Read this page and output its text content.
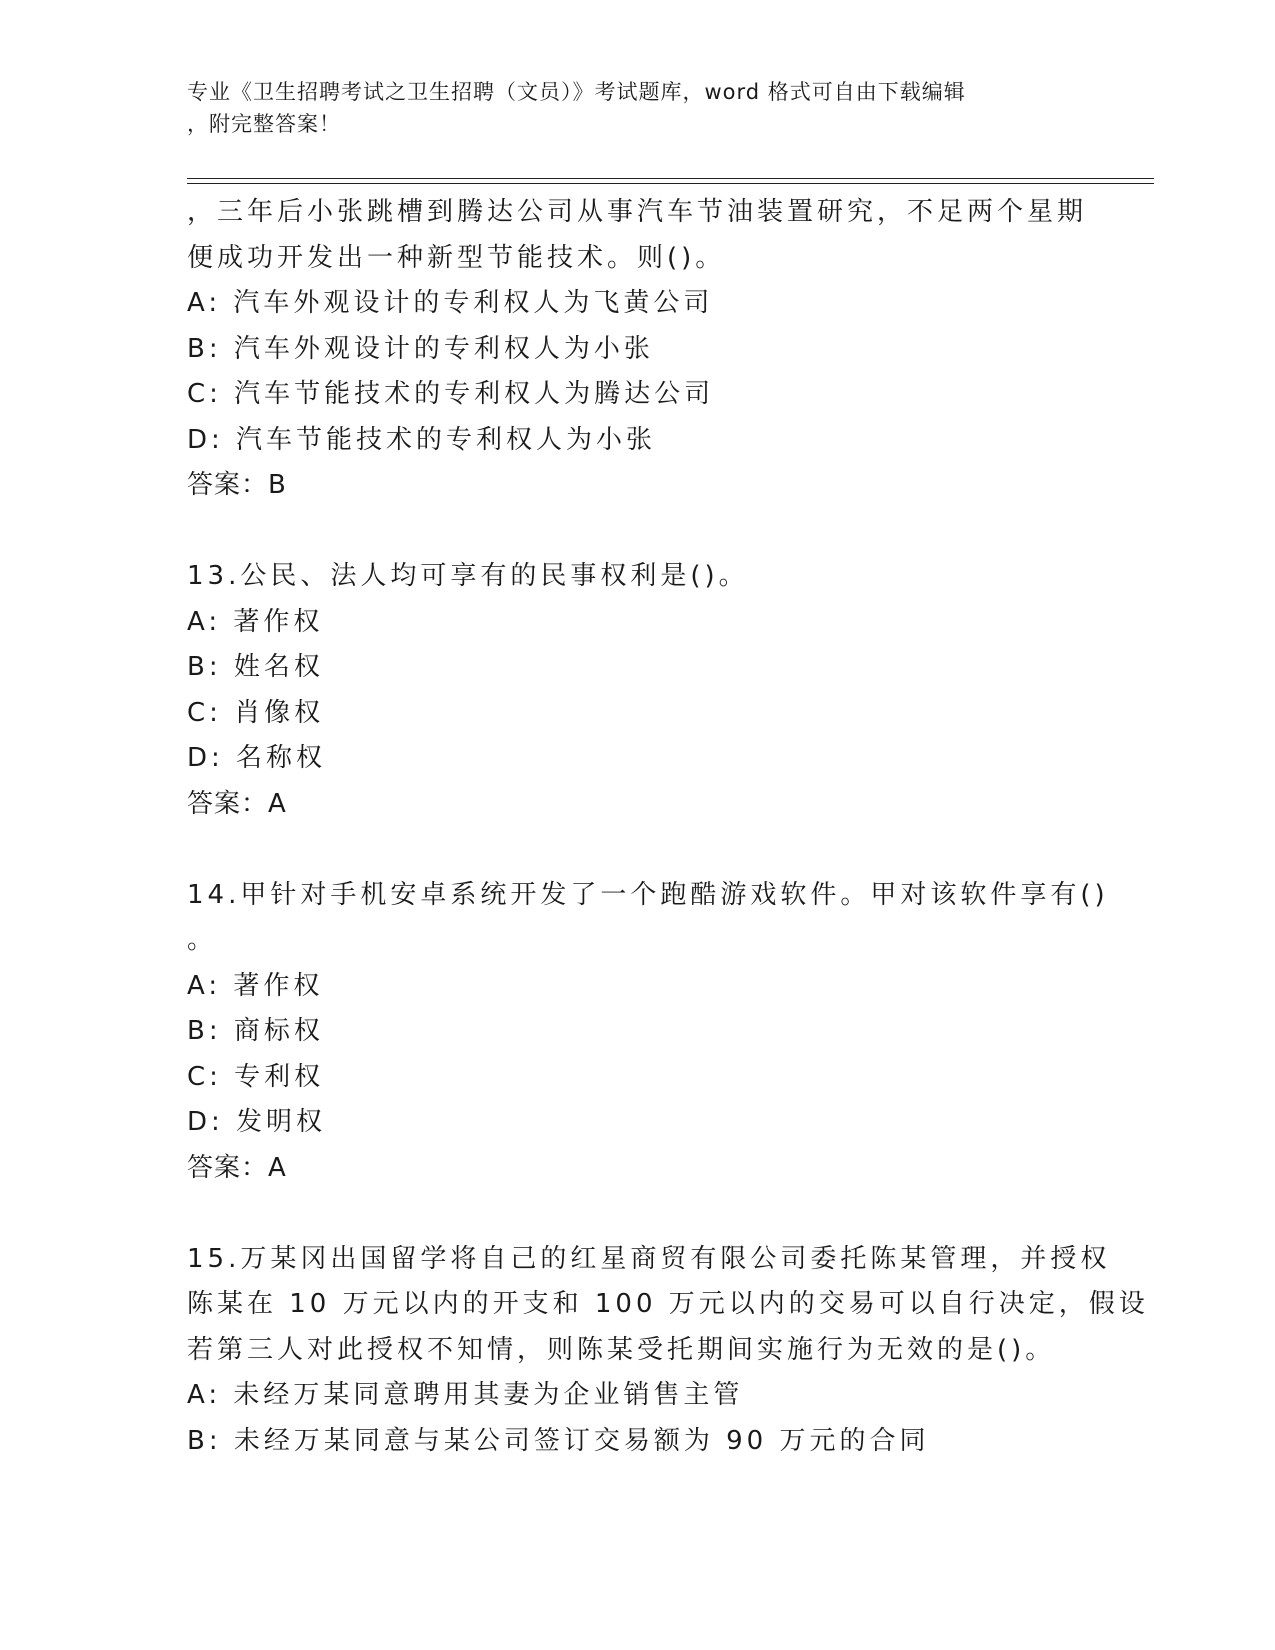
专业《卫生招聘考试之卫生招聘（文员）》考试题库，word 格式可自由下载编辑
，附完整答案！
，三年后小张跳槽到腾达公司从事汽车节油装置研究，不足两个星期
便成功开发出一种新型节能技术。则()。
A: 汽车外观设计的专利权人为飞黄公司
B: 汽车外观设计的专利权人为小张
C: 汽车节能技术的专利权人为腾达公司
D: 汽车节能技术的专利权人为小张
答案：B
13.公民、法人均可享有的民事权利是()。
A: 著作权
B: 姓名权
C: 肖像权
D: 名称权
答案：A
14.甲针对手机安卓系统开发了一个跑酷游戏软件。甲对该软件享有()
。
A: 著作权
B: 商标权
C: 专利权
D: 发明权
答案：A
15.万某冈出国留学将自己的红星商贸有限公司委托陈某管理，并授权
陈某在 10 万元以内的开支和 100 万元以内的交易可以自行决定，假设
若第三人对此授权不知情，则陈某受托期间实施行为无效的是()。
A: 未经万某同意聘用其妻为企业销售主管
B: 未经万某同意与某公司签订交易额为 90 万元的合同
